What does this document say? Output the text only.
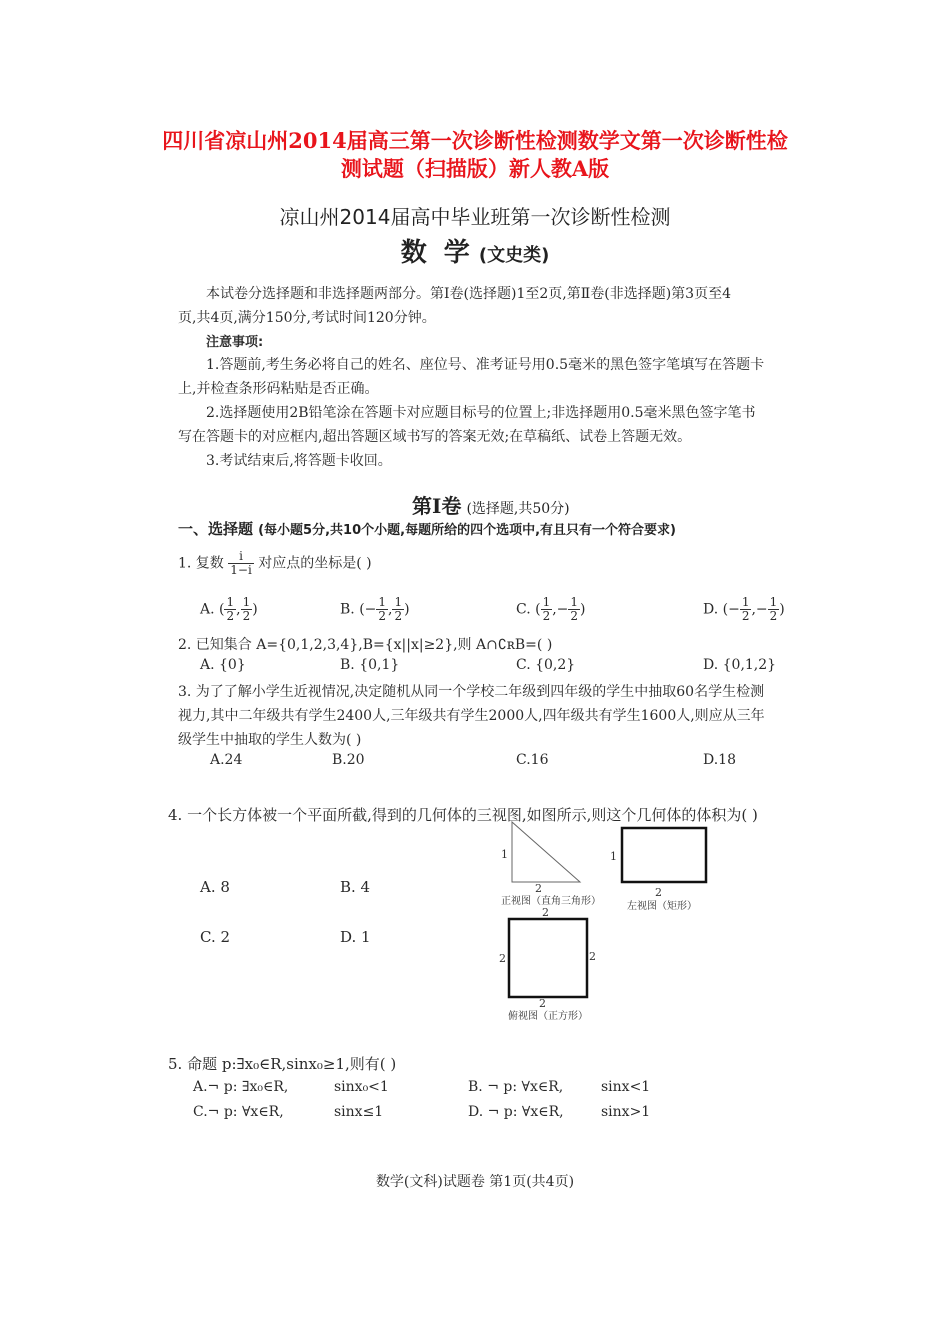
四川省凉山州2014届高三第一次诊断性检测数学文第一次诊断性检
测试题（扫描版）新人教A版
凉山州2014届高中毕业班第一次诊断性检测
数 学 (文史类)
本试卷分选择题和非选择题两部分。第Ⅰ卷(选择题)1至2页,第Ⅱ卷(非选择题)第3页至4
页,共4页,满分150分,考试时间120分钟。
注意事项:
1.答题前,考生务必将自己的姓名、座位号、准考证号用0.5毫米的黑色签字笔填写在答题卡
上,并检查条形码粘贴是否正确。
2.选择题使用2B铅笔涂在答题卡对应题目标号的位置上;非选择题用0.5毫米黑色签字笔书
写在答题卡的对应框内,超出答题区域书写的答案无效;在草稿纸、试卷上答题无效。
3.考试结束后,将答题卡收回。
第Ⅰ卷 (选择题,共50分)
一、选择题 (每小题5分,共10个小题,每题所给的四个选项中,有且只有一个符合要求)
1. 复数 $\frac{i}{1-i}$ 对应点的坐标是( )
A. ( $\frac{1}{2}$ , $\frac{1}{2}$ )	B. (− $\frac{1}{2}$ , $\frac{1}{2}$ )	C. ( $\frac{1}{2}$ ,− $\frac{1}{2}$ )	D. (− $\frac{1}{2}$ ,− $\frac{1}{2}$ )
2. 已知集合 A={0,1,2,3,4},B={x||x|≥2},则 A∩∁ʀB=( )
A. {0}	B. {0,1}	C. {0,2}	D. {0,1,2}
3. 为了了解小学生近视情况,决定随机从同一个学校二年级到四年级的学生中抽取60名学生检测
视力,其中二年级共有学生2400人,三年级共有学生2000人,四年级共有学生1600人,则应从三年
级学生中抽取的学生人数为( )
A.24	B.20	C.16	D.18
4. 一个长方体被一个平面所截,得到的几何体的三视图,如图所示,则这个几何体的体积为( )
A. 8	B. 4
C. 2	D. 1
1
2
正视图（直角三角形）
1
2
左视图（矩形）
2
2	2
2
俯视图（正方形）
5. 命题 p:∃x₀∈R,sinx₀≥1,则有( )
A.¬ p: ∃x₀∈R,	sinx₀<1	B. ¬ p: ∀x∈R,	sinx<1
C.¬ p: ∀x∈R,	sinx≤1	D. ¬ p: ∀x∈R,	sinx>1
数学(文科)试题卷 第1页(共4页)
